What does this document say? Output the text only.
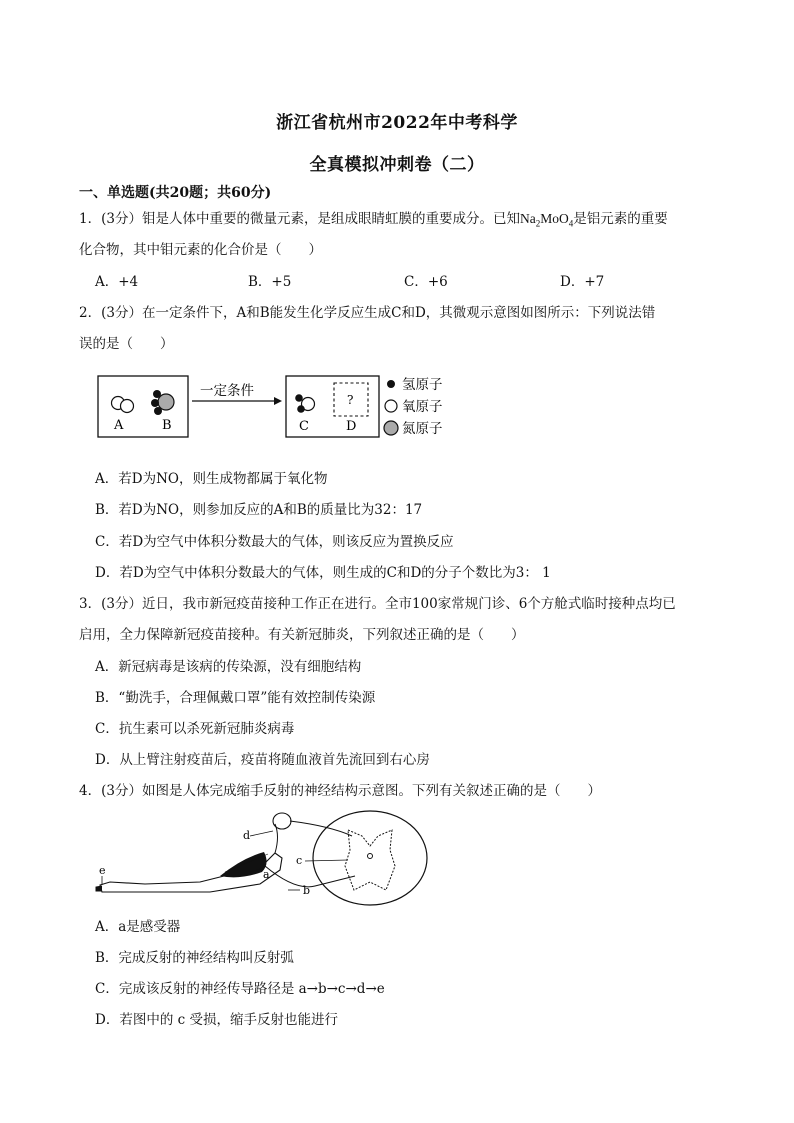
浙江省杭州市2022年中考科学
全真模拟冲刺卷（二）
一、单选题(共20题；共60分)
1．(3分）钼是人体中重要的微量元素，是组成眼睛虹膜的重要成分。已知$Na_2MoO_4$是铝元素的重要
化合物，其中钼元素的化合价是（　　）
A．+4	B．+5	C．+6	D．+7
2．(3分）在一定条件下，A和B能发生化学反应生成C和D，其微观示意图如图所示：下列说法错
误的是（　　）
A	B
一定条件
?
C	D
氢原子
氧原子
氮原子
A．若D为NO，则生成物都属于氧化物
B．若D为NO，则参加反应的A和B的质量比为32：17
C．若D为空气中体积分数最大的气体，则该反应为置换反应
D．若D为空气中体积分数最大的气体，则生成的C和D的分子个数比为3： 1
3．(3分）近日，我市新冠疫苗接种工作正在进行。全市100家常规门诊、6个方舱式临时接种点均已
启用，全力保障新冠疫苗接种。有关新冠肺炎，下列叙述正确的是（　　）
A．新冠病毒是该病的传染源，没有细胞结构
B．“勤洗手，合理佩戴口罩”能有效控制传染源
C．抗生素可以杀死新冠肺炎病毒
D．从上臂注射疫苗后，疫苗将随血液首先流回到右心房
4．(3分）如图是人体完成缩手反射的神经结构示意图。下列有关叙述正确的是（　　）
d
c
a
b
e
A．a是感受器
B．完成反射的神经结构叫反射弧
C．完成该反射的神经传导路径是 a→b→c→d→e
D．若图中的 c 受损，缩手反射也能进行
